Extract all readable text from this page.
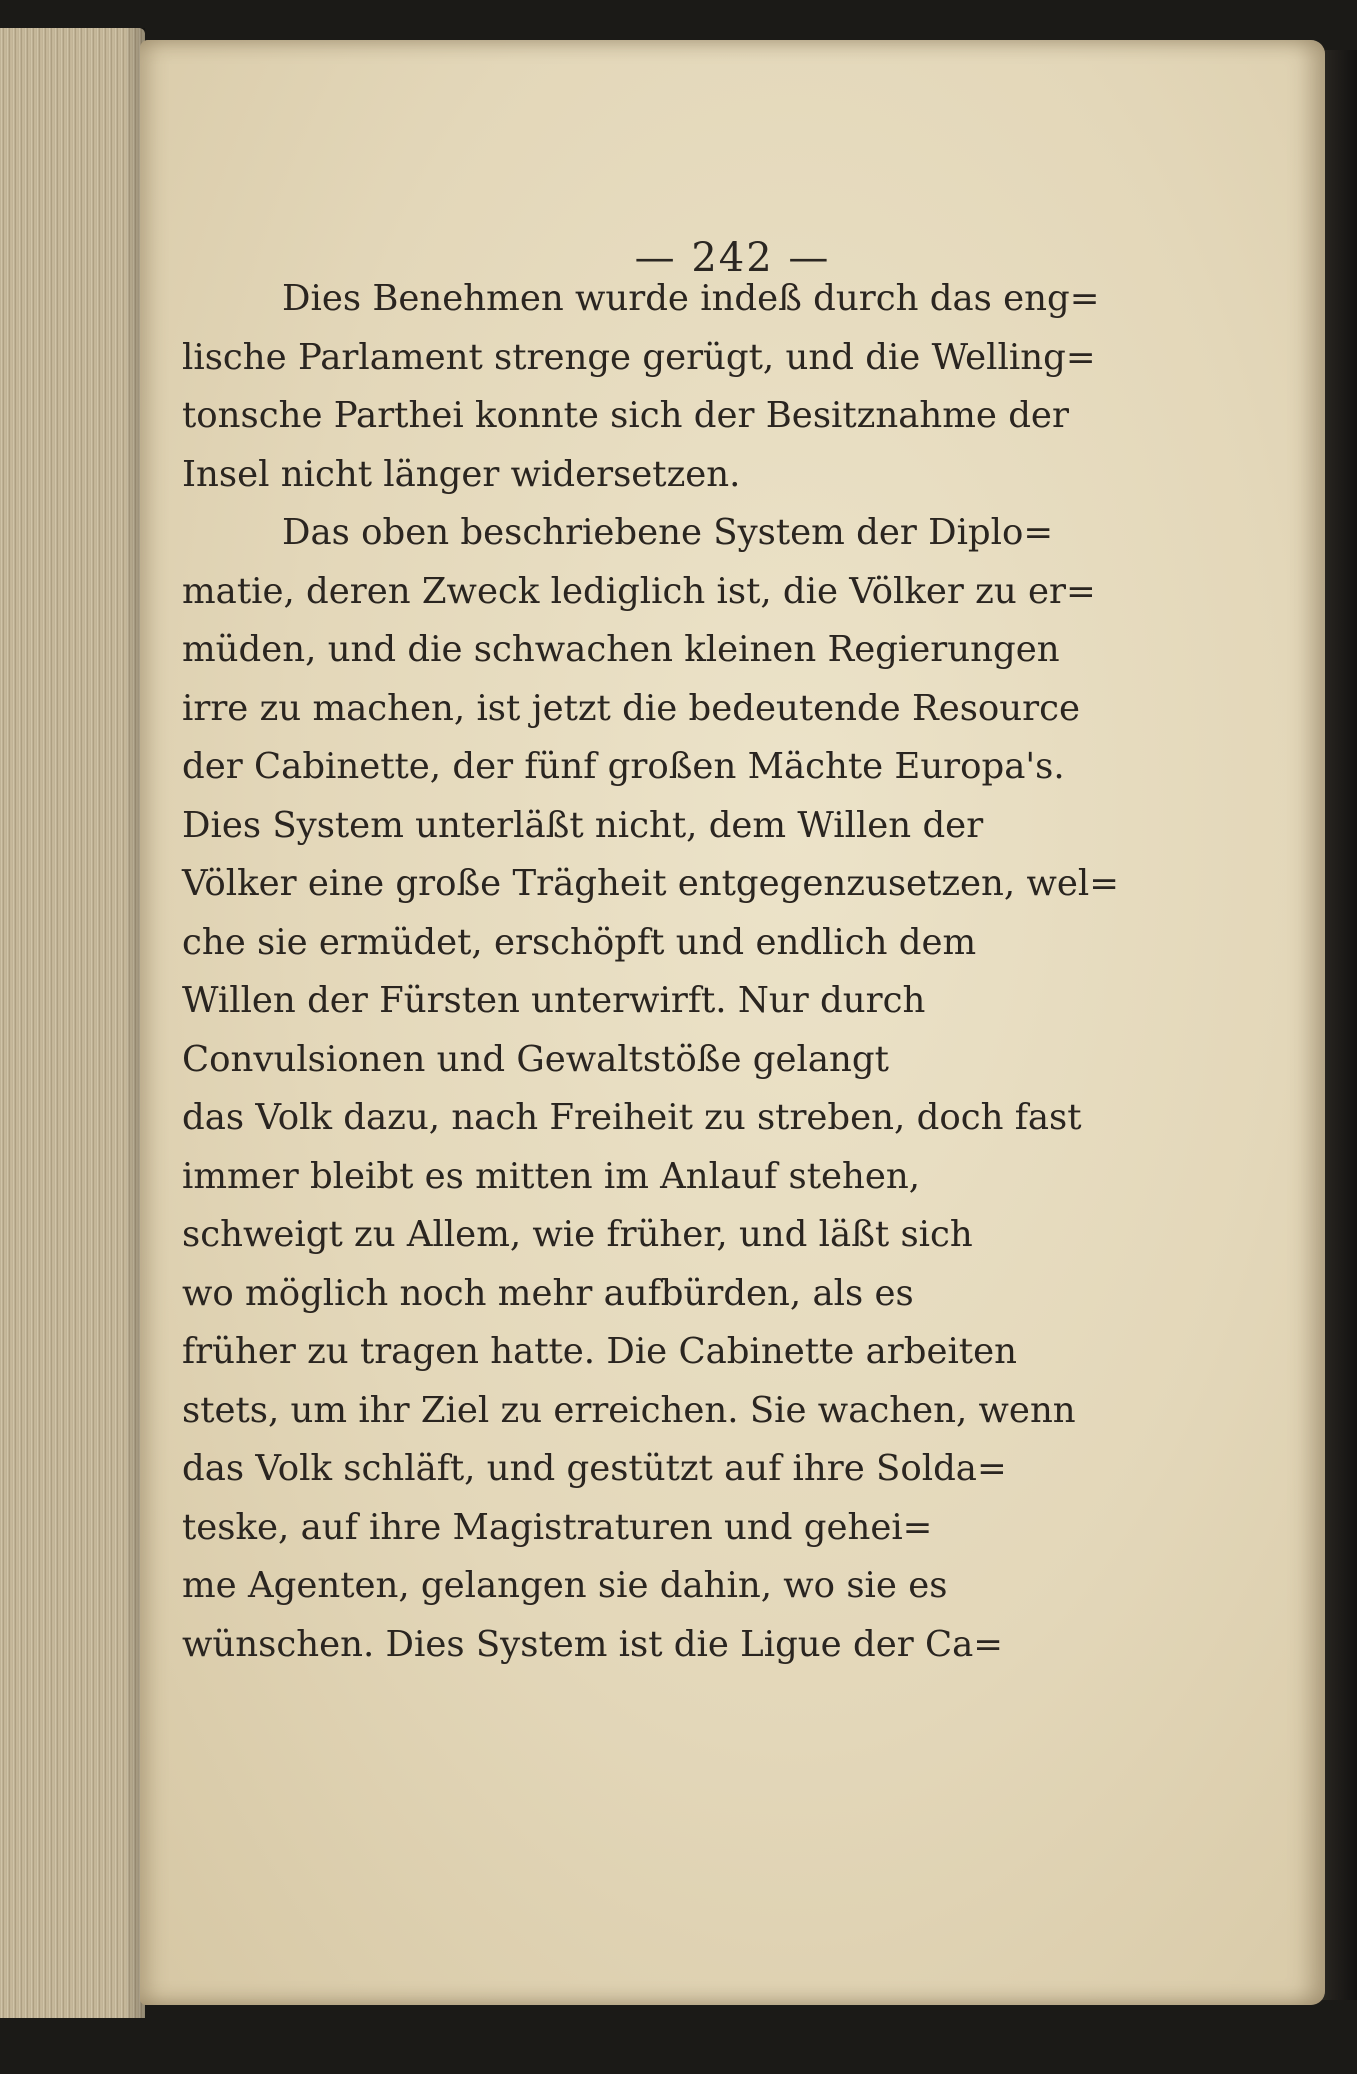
— 242 —
Dies Benehmen wurde indeß durch das eng=
lische Parlament strenge gerügt, und die Welling=
tonsche Parthei konnte sich der Besitznahme der
Insel nicht länger widersetzen.
Das oben beschriebene System der Diplo=
matie, deren Zweck lediglich ist, die Völker zu er=
müden, und die schwachen kleinen Regierungen
irre zu machen, ist jetzt die bedeutende Resource
der Cabinette, der fünf großen Mächte Europa's.
Dies System unterläßt nicht, dem Willen der
Völker eine große Trägheit entgegenzusetzen, wel=
che sie ermüdet, erschöpft und endlich dem
Willen der Fürsten unterwirft. Nur durch
Convulsionen und Gewaltstöße gelangt
das Volk dazu, nach Freiheit zu streben, doch fast
immer bleibt es mitten im Anlauf stehen,
schweigt zu Allem, wie früher, und läßt sich
wo möglich noch mehr aufbürden, als es
früher zu tragen hatte. Die Cabinette arbeiten
stets, um ihr Ziel zu erreichen. Sie wachen, wenn
das Volk schläft, und gestützt auf ihre Solda=
teske, auf ihre Magistraturen und gehei=
me Agenten, gelangen sie dahin, wo sie es
wünschen. Dies System ist die Ligue der Ca=
